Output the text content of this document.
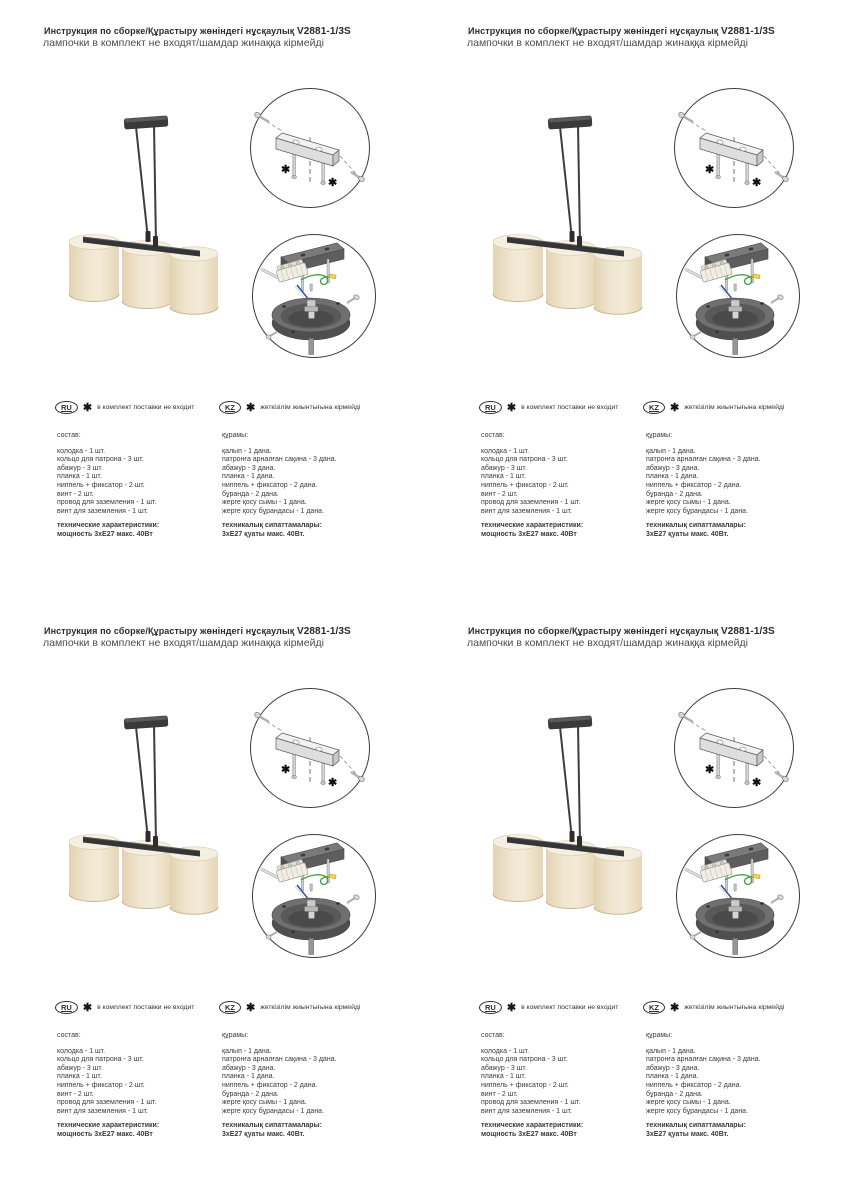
Инструкция по сборке/Құрастыру жөніндегі нұсқаулық V2881-1/3S
лампочки в комплект не входят/шамдар жинаққа кірмейді
✱
✱
RU	✱ в комплект поставки не входит	KZ	✱ жеткізілім жиынтығына кірмейді
состав:
колодка - 1 шт.
кольцо для патрона - 3 шт.
абажур - 3 шт.
планка - 1 шт.
ниппель + фиксатор - 2 шт.
винт - 2 шт.
провод для заземления - 1 шт.
винт для заземления - 1 шт.
технические характеристики:
мощность 3хЕ27 макс. 40Вт
құрамы:
қалып - 1 дана.
патронға арналған сақина - 3 дана.
абажур - 3 дана.
планка - 1 дана.
ниппель + фиксатор - 2 дана.
бұранда - 2 дана.
жерге қосу сымы - 1 дана.
жерге қосу бұрандасы - 1 дана.
техникалық сипаттамалары:
3хЕ27 қуаты макс. 40Вт.
Инструкция по сборке/Құрастыру жөніндегі нұсқаулық V2881-1/3S
лампочки в комплект не входят/шамдар жинаққа кірмейді
✱
✱
RU	✱ в комплект поставки не входит	KZ	✱ жеткізілім жиынтығына кірмейді
состав:
колодка - 1 шт.
кольцо для патрона - 3 шт.
абажур - 3 шт.
планка - 1 шт.
ниппель + фиксатор - 2 шт.
винт - 2 шт.
провод для заземления - 1 шт.
винт для заземления - 1 шт.
технические характеристики:
мощность 3хЕ27 макс. 40Вт
құрамы:
қалып - 1 дана.
патронға арналған сақина - 3 дана.
абажур - 3 дана.
планка - 1 дана.
ниппель + фиксатор - 2 дана.
бұранда - 2 дана.
жерге қосу сымы - 1 дана.
жерге қосу бұрандасы - 1 дана.
техникалық сипаттамалары:
3хЕ27 қуаты макс. 40Вт.
Инструкция по сборке/Құрастыру жөніндегі нұсқаулық V2881-1/3S
лампочки в комплект не входят/шамдар жинаққа кірмейді
✱
✱
RU	✱ в комплект поставки не входит	KZ	✱ жеткізілім жиынтығына кірмейді
состав:
колодка - 1 шт.
кольцо для патрона - 3 шт.
абажур - 3 шт.
планка - 1 шт.
ниппель + фиксатор - 2 шт.
винт - 2 шт.
провод для заземления - 1 шт.
винт для заземления - 1 шт.
технические характеристики:
мощность 3хЕ27 макс. 40Вт
құрамы:
қалып - 1 дана.
патронға арналған сақина - 3 дана.
абажур - 3 дана.
планка - 1 дана.
ниппель + фиксатор - 2 дана.
бұранда - 2 дана.
жерге қосу сымы - 1 дана.
жерге қосу бұрандасы - 1 дана.
техникалық сипаттамалары:
3хЕ27 қуаты макс. 40Вт.
Инструкция по сборке/Құрастыру жөніндегі нұсқаулық V2881-1/3S
лампочки в комплект не входят/шамдар жинаққа кірмейді
✱
✱
RU	✱ в комплект поставки не входит	KZ	✱ жеткізілім жиынтығына кірмейді
состав:
колодка - 1 шт.
кольцо для патрона - 3 шт.
абажур - 3 шт.
планка - 1 шт.
ниппель + фиксатор - 2 шт.
винт - 2 шт.
провод для заземления - 1 шт.
винт для заземления - 1 шт.
технические характеристики:
мощность 3хЕ27 макс. 40Вт
құрамы:
қалып - 1 дана.
патронға арналған сақина - 3 дана.
абажур - 3 дана.
планка - 1 дана.
ниппель + фиксатор - 2 дана.
бұранда - 2 дана.
жерге қосу сымы - 1 дана.
жерге қосу бұрандасы - 1 дана.
техникалық сипаттамалары:
3хЕ27 қуаты макс. 40Вт.
